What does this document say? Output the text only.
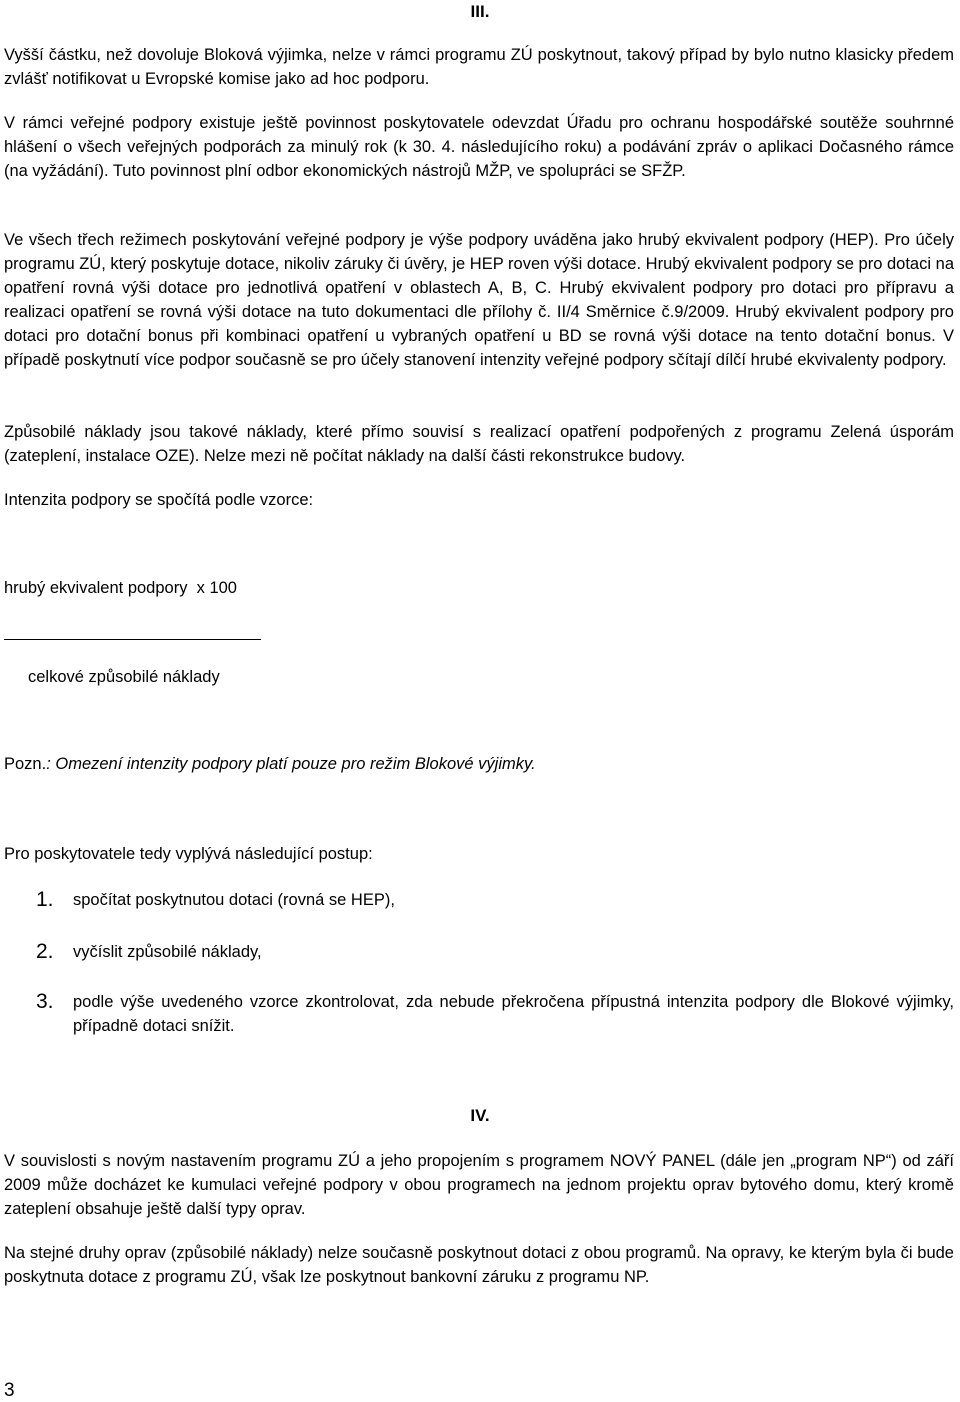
III.

Vyšší částku, než dovoluje Bloková výjimka, nelze v rámci programu ZÚ poskytnout, takový případ by bylo nutno klasicky předem zvlášť notifikovat u Evropské komise jako ad hoc podporu.

V rámci veřejné podpory existuje ještě povinnost poskytovatele odevzdat Úřadu pro ochranu hospodářské soutěže souhrnné hlášení o všech veřejných podporách za minulý rok (k 30. 4. následujícího roku) a podávání zpráv o aplikaci Dočasného rámce (na vyžádání). Tuto povinnost plní odbor ekonomických nástrojů MŽP, ve spolupráci se SFŽP.

Ve všech třech režimech poskytování veřejné podpory je výše podpory uváděna jako hrubý ekvivalent podpory (HEP). Pro účely programu ZÚ, který poskytuje dotace, nikoliv záruky či úvěry, je HEP roven výši dotace. Hrubý ekvivalent podpory se pro dotaci na opatření rovná výši dotace pro jednotlivá opatření v oblastech A, B, C. Hrubý ekvivalent podpory pro dotaci pro přípravu a realizaci opatření se rovná výši dotace na tuto dokumentaci dle přílohy č. II/4 Směrnice č.9/2009. Hrubý ekvivalent podpory pro dotaci pro dotační bonus při kombinaci opatření u vybraných opatření u BD se rovná výši dotace na tento dotační bonus. V případě poskytnutí více podpor současně se pro účely stanovení intenzity veřejné podpory sčítají dílčí hrubé ekvivalenty podpory.

Způsobilé náklady jsou takové náklady, které přímo souvisí s realizací opatření podpořených z programu Zelená úsporám (zateplení, instalace OZE). Nelze mezi ně počítat náklady na další části rekonstrukce budovy.

Intenzita podpory se spočítá podle vzorce:

hrubý ekvivalent podpory  x 100

celkové způsobilé náklady

Pozn.: Omezení intenzity podpory platí pouze pro režim Blokové výjimky.

Pro poskytovatele tedy vyplývá následující postup:

1. spočítat poskytnutou dotaci (rovná se HEP),
2. vyčíslit způsobilé náklady,
3. podle výše uvedeného vzorce zkontrolovat, zda nebude překročena přípustná intenzita podpory dle Blokové výjimky, případně dotaci snížit.
IV.

V souvislosti s novým nastavením programu ZÚ a jeho propojením s programem NOVÝ PANEL (dále jen „program NP“) od září 2009 může docházet ke kumulaci veřejné podpory v obou programech na jednom projektu oprav bytového domu, který kromě zateplení obsahuje ještě další typy oprav.

Na stejné druhy oprav (způsobilé náklady) nelze současně poskytnout dotaci z obou programů. Na opravy, ke kterým byla či bude poskytnuta dotace z programu ZÚ, však lze poskytnout bankovní záruku z programu NP.

3
